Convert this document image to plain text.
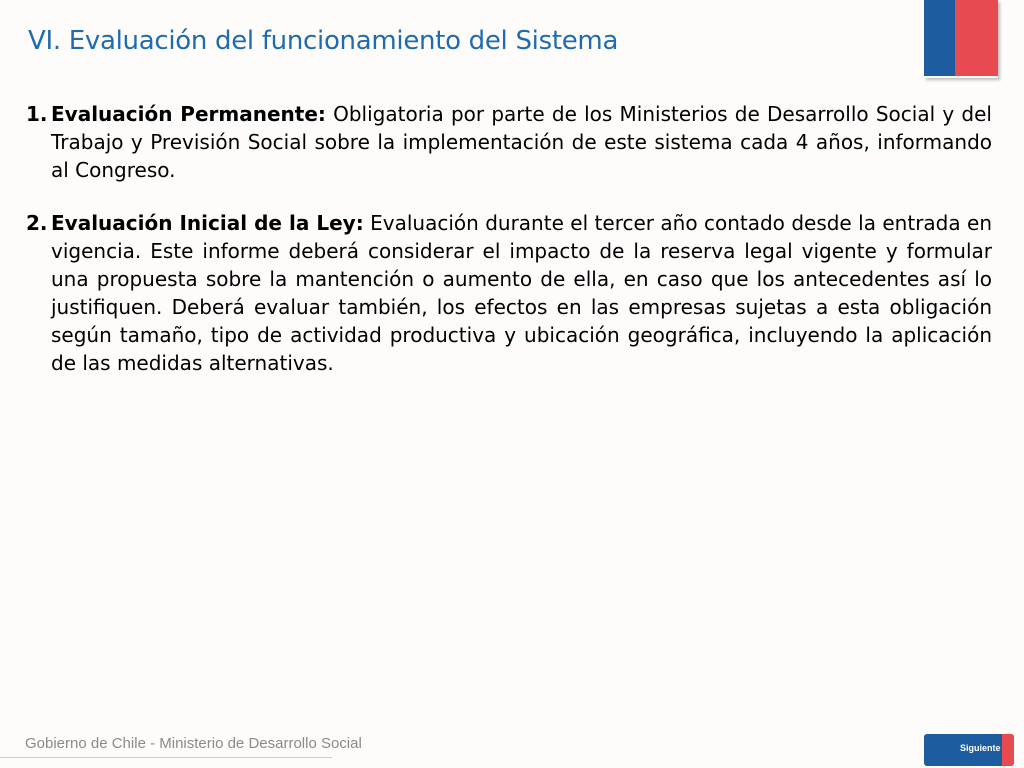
VI. Evaluación del funcionamiento del Sistema
1. Evaluación Permanente: Obligatoria por parte de los Ministerios de Desarrollo Social y del Trabajo y Previsión Social sobre la implementación de este sistema cada 4 años, informando al Congreso.
2. Evaluación Inicial de la Ley: Evaluación durante el tercer año contado desde la entrada en vigencia. Este informe deberá considerar el impacto de la reserva legal vigente y formular una propuesta sobre la mantención o aumento de ella, en caso que los antecedentes así lo justifiquen. Deberá evaluar también, los efectos en las empresas sujetas a esta obligación según tamaño, tipo de actividad productiva y ubicación geográfica, incluyendo la aplicación de las medidas alternativas.
Gobierno de Chile - Ministerio de Desarrollo Social	Siguiente
